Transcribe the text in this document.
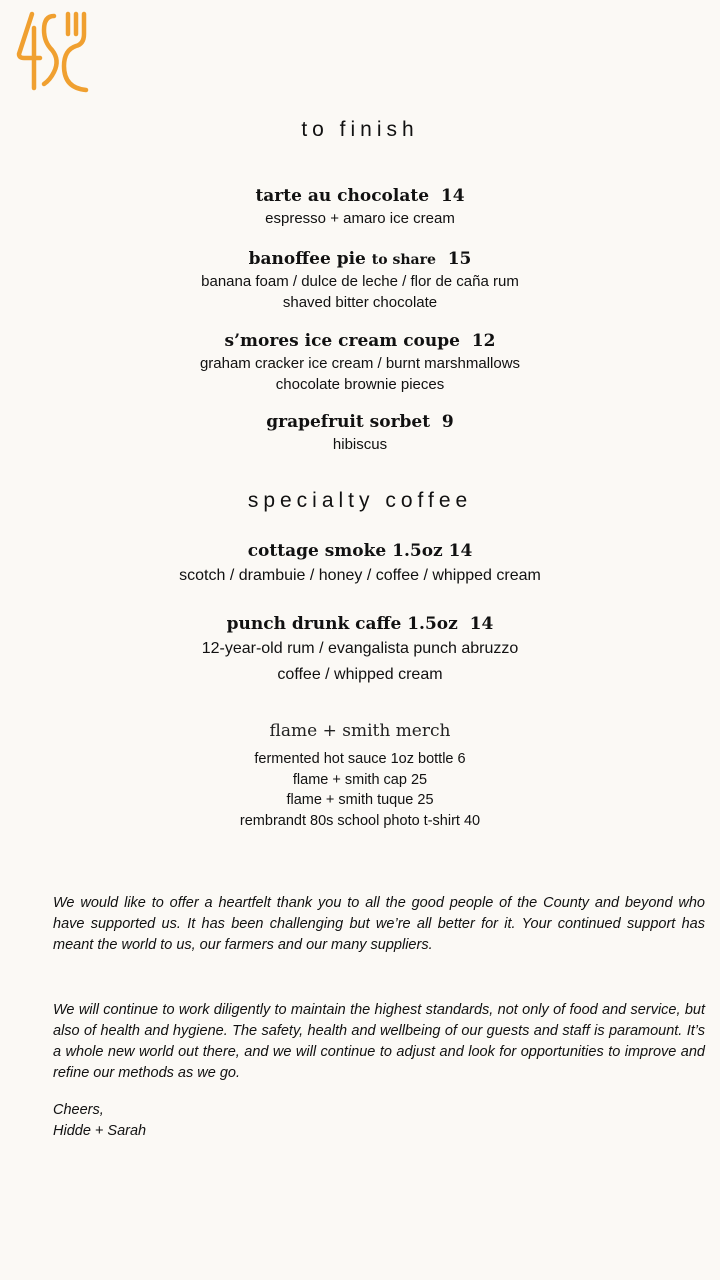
to finish
tarte au chocolate 14
espresso + amaro ice cream
banoffee pie to share 15
banana foam / dulce de leche / flor de caña rum
shaved bitter chocolate
s’mores ice cream coupe 12
graham cracker ice cream / burnt marshmallows
chocolate brownie pieces
grapefruit sorbet 9
hibiscus
specialty coffee
cottage smoke 1.5oz 14
scotch / drambuie / honey / coffee / whipped cream
punch drunk caffe 1.5oz 14
12-year-old rum / evangalista punch abruzzo
coffee / whipped cream
flame + smith merch
fermented hot sauce 1oz bottle 6
flame + smith cap 25
flame + smith tuque 25
rembrandt 80s school photo t-shirt 40
We would like to offer a heartfelt thank you to all the good people of the County and beyond who have supported us. It has been challenging but we’re all better for it. Your continued support has meant the world to us, our farmers and our many suppliers.
We will continue to work diligently to maintain the highest standards, not only of food and service, but also of health and hygiene. The safety, health and wellbeing of our guests and staff is paramount. It’s a whole new world out there, and we will continue to adjust and look for opportunities to improve and refine our methods as we go.
Cheers,
Hidde + Sarah
